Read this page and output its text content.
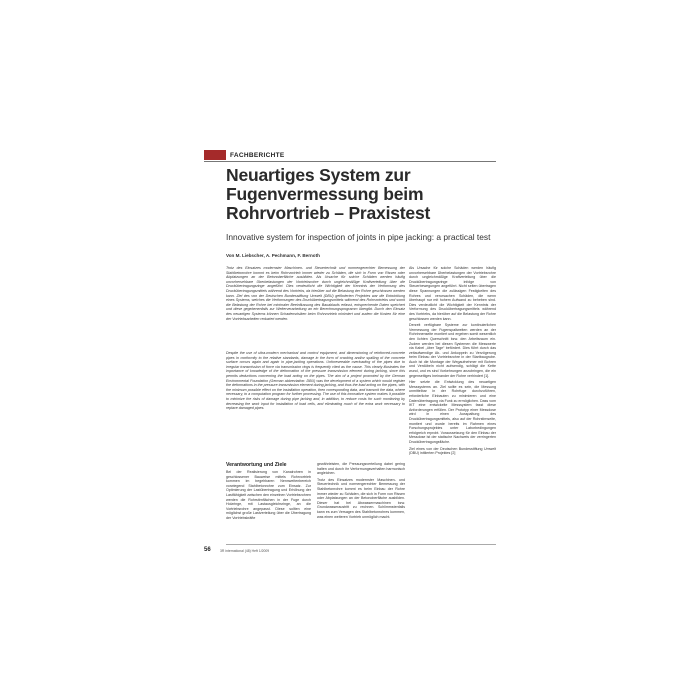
FACHBERICHTE
Neuartiges System zur Fugenvermessung beim Rohrvortrieb – Praxistest
Innovative system for inspection of joints in pipe jacking: a practical test
Von M. Liebscher, A. Pechmann, F. Bernoth
Trotz des Einsatzes modernster Maschinen- und Steuertechnik und normengerechter Bemessung der Stahlbetonrohre kommt es beim Rohrvortrieb immer wieder zu Schäden, die sich in Form von Rissen oder Abplatzungen an der Betonoberfläche ausbilden. Als Ursache für solche Schäden werden häufig unvorhersehbare Überbelastungen der Vortriebsrohre durch ungleichmäßige Kraftverteilung über die Druckübertragungsringe angeführt. Dies verdeutlicht die Wichtigkeit der Kenntnis der Verformung des Druckübertragungsmittels während des Vortriebs, da hierüber auf die Belastung der Rohre geschlossen werden kann. Ziel des von der Deutschen Bundesstiftung Umwelt (DBU) geförderten Projektes war die Entwicklung eines Systems, welches die Verformungen des Druckübertragungsmittels während des Rohrvortriebs und somit die Belastung der Rohre bei minimaler Beeinflussung des Bauablaufs erfasst, entsprechende Daten speichert und diese gegebenenfalls zur Weiterverarbeitung an ein Berechnungsprogramm übergibt. Durch den Einsatz des neuartigen Systems können Schadensrisiken beim Rohrvortrieb minimiert und zudem die Kosten für eine der Vortriebsarbeiten reduziert werden.
Despite the use of ultra-modern mechanical and control equipment, and dimensioning of reinforced-concrete pipes in conformity to the relative standards, damage in the form of cracking and/or spalling of the concrete surface occurs again and again in pipe-jacking operations. Unforeseeable overloading of the pipes due to irregular transmission of force via transmission rings is frequently cited as the cause. This clearly illustrates the importance of knowledge of the deformation of the pressure transmission element during jacking, since this permits deductions concerning the load acting on the pipes. The aim of a project promoted by the German Environmental Foundation (German abbreviation: DBU) was the development of a system which would register the deformations in the pressure transmission element during jacking, and thus the load acting on the pipes, with the minimum possible effect on the installation operation, then corresponding data, and transmit the data, where necessary, to a computation program for further processing. The use of this innovative system makes it possible to minimize the risks of damage during pipe jacking and, in addition, to reduce costs for such monitoring by decreasing the work input for installation of load cells, and eliminating much of the extra work necessary to replace damaged pipes.

Als Ursache für solche Schäden werden häufig unvorhersehbare Überbelastungen der Vortriebsrohre durch ungleichmäßige Kraftverteilung über die Druckübertragungsringe infolge von Steuerbewegungen angeführt. Nicht selten übertragen diese Spannungen die zulässigen Festigkeiten des Rohres und verursachen Schäden, die wenn überhaupt nur mit hohem Aufwand zu beheben sind. Dies verdeutlicht die Wichtigkeit der Kenntnis der Verformung des Druckübertragungsmittels während des Vortriebs, da hierüber auf die Belastung der Rohre geschlossen werden kann.

Derzeit verfügbare Systeme zur kontinuierlichen Vermessung der Fugenspaltweiten werden an der Rohrinnenseite montiert und ergeben somit wesentlich den lichten Querschnitt bzw. den Arbeitsraum ein. Zudem werden bei diesen Systemen die Messwerte via Kabel „über Tage“ befördert. Dies führt durch das zeitaufwendige Ab- und Ankoppeln zu Verzögerung beim Einbau der Vortriebsrohre in der Startbaugrube. Auch ist die Montage der Wegaufnehmer mit Bohren und Verdübeln nicht aufwendig, schlägt die Kette wund, und es sind Vorkehrungen anzubringen, die ein gegenseitiges Ineinander der Rohre verhindert [1].

Hier setzte die Entwicklung des neuartigen Messsystems an. Ziel sollte es sein, die Messung unmittelbar in der Rohrfuge durchzuführen, erforderliche Einbauten zu minimieren und eine Datenübertragung via Funk zu ermöglichen. Dass vom IKT eine entwickelte Messsystem fasst diese Anforderungen erfüllen. Der Prototyp einer Messdose wird in einen Ausspaltung des Druckübertragungsmittels, also auf der Rohrstirnseite, montiert und wurde bereits im Rahmen eines Forschungsprojektes unter Laborbedingungen erfolgreich erprobt. Voraussetzung für den Einbau der Messdose ist der statische Nachweis der verringerten Druckübertragungsfläche.

Ziel eines von der Deutschen Bundesstiftung Umwelt (DBU) initiierten Projektes [2]

Verantwortung und Ziele
Bei der Realisierung von Kanalrohren in geschlossener Bauweise mittels Rohrvortrieb kommen im begehbaren Nennweitenbereich vorwiegend Stahlbetonrohre zum Einsatz. Zur Optimierung der Lastübertragung und Erhöhung der Lastfähigkeit zwischen den einzelnen Vortriebsrohren werden die Rohrstirnflächen in der Fuge durch Holzringe, mit Lastausgleichsringe, an die Vortriebsrohre angepasst. Diese sollten eine möglichst große Lastverteilung über die Übertragung der Vortriebskräfte

gewährleisten, die Pressungsverteilung dabei gering halten und durch ihr Verformungsverhalten harmonisch angleichen.

Trotz des Einsatzes modernster Maschinen- und Steuertechnik und normengerechter Bemessung der Stahlbetonrohre kommt es beim Einbau der Rohre immer wieder zu Schäden, die sich in Form von Rissen oder Abplatzungen an der Betonoberfläche ausbilden. Dieser hat bei Abwassermaschinen bzw. Grundwasseraustritt zu rechnen. Schlimmstenfalls kann es zum Versagen des Stahlbetonrohres kommen, was einen weiteren Vortrieb unmöglich macht.

56	3R international (48) Heft 1/2009
